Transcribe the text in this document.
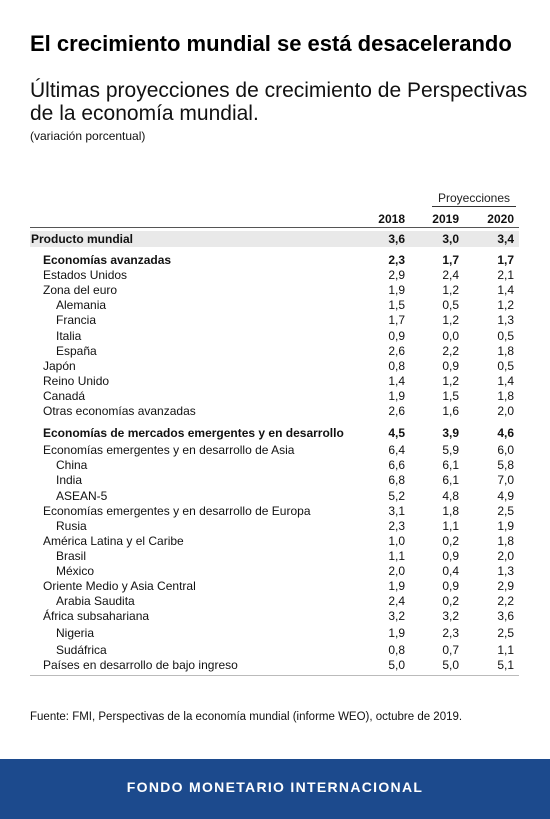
El crecimiento mundial se está desacelerando
Últimas proyecciones de crecimiento de Perspectivas de la economía mundial.
(variación porcentual)
Proyecciones
2018	2019	2020
Producto mundial	3,6	3,0	3,4
Economías avanzadas	2,3	1,7	1,7
Estados Unidos	2,9	2,4	2,1
Zona del euro	1,9	1,2	1,4
Alemania	1,5	0,5	1,2
Francia	1,7	1,2	1,3
Italia	0,9	0,0	0,5
España	2,6	2,2	1,8
Japón	0,8	0,9	0,5
Reino Unido	1,4	1,2	1,4
Canadá	1,9	1,5	1,8
Otras economías avanzadas	2,6	1,6	2,0
Economías de mercados emergentes y en desarrollo	4,5	3,9	4,6
Economías emergentes y en desarrollo de Asia	6,4	5,9	6,0
China	6,6	6,1	5,8
India	6,8	6,1	7,0
ASEAN-5	5,2	4,8	4,9
Economías emergentes y en desarrollo de Europa	3,1	1,8	2,5
Rusia	2,3	1,1	1,9
América Latina y el Caribe	1,0	0,2	1,8
Brasil	1,1	0,9	2,0
México	2,0	0,4	1,3
Oriente Medio y Asia Central	1,9	0,9	2,9
Arabia Saudita	2,4	0,2	2,2
África subsahariana	3,2	3,2	3,6
Nigeria	1,9	2,3	2,5
Sudáfrica	0,8	0,7	1,1
Países en desarrollo de bajo ingreso	5,0	5,0	5,1
Fuente: FMI, Perspectivas de la economía mundial (informe WEO), octubre de 2019.
FONDO MONETARIO INTERNACIONAL
